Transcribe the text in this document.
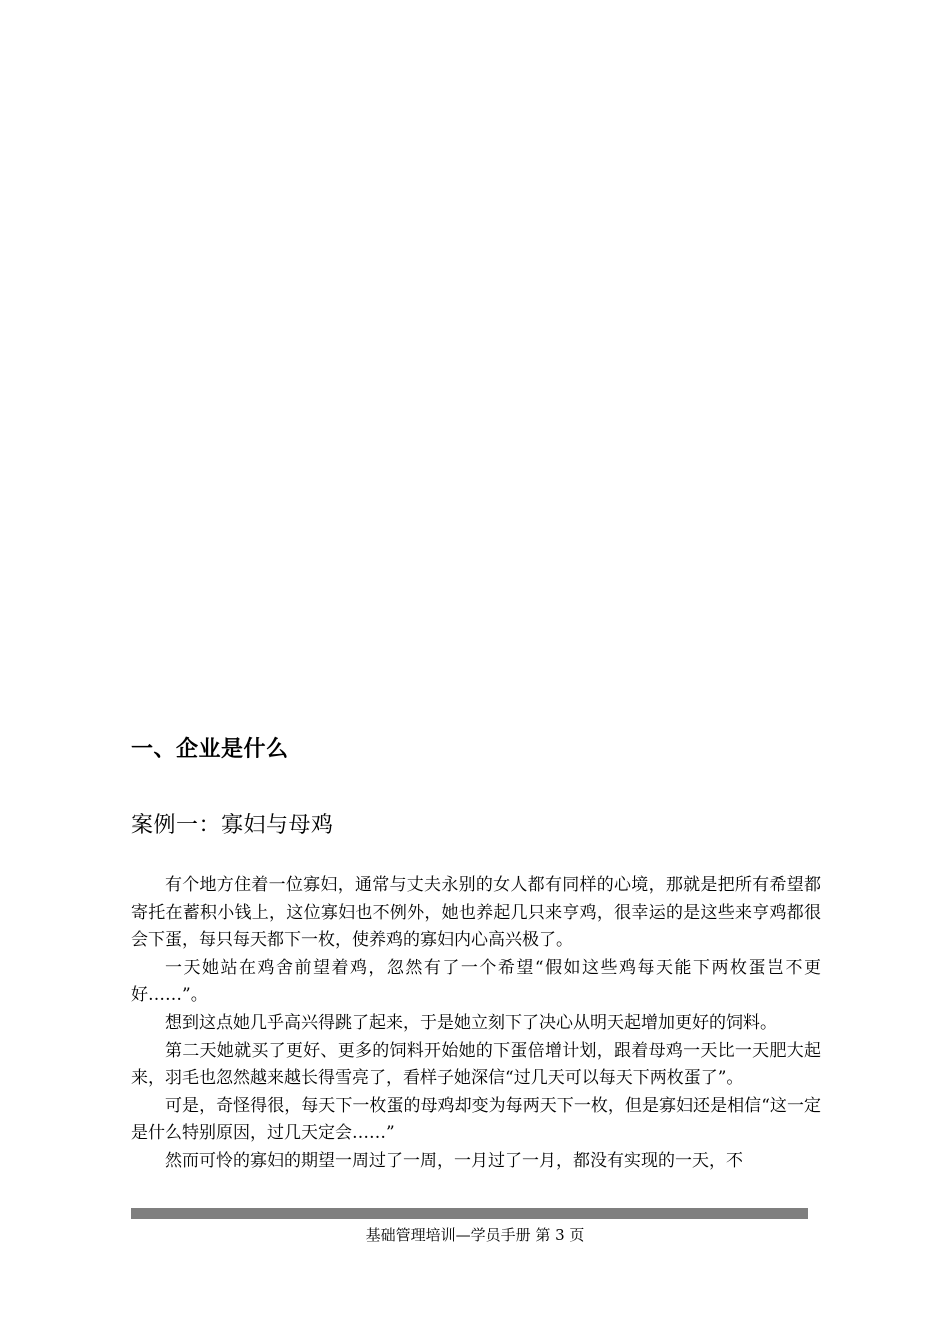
一、企业是什么
案例一：寡妇与母鸡

有个地方住着一位寡妇，通常与丈夫永别的女人都有同样的心境，那就是把所有希望都寄托在蓄积小钱上，这位寡妇也不例外，她也养起几只来亨鸡，很幸运的是这些来亨鸡都很会下蛋，每只每天都下一枚，使养鸡的寡妇内心高兴极了。

一天她站在鸡舍前望着鸡，忽然有了一个希望“假如这些鸡每天能下两枚蛋岂不更好……”。

想到这点她几乎高兴得跳了起来，于是她立刻下了决心从明天起增加更好的饲料。

第二天她就买了更好、更多的饲料开始她的下蛋倍增计划，跟着母鸡一天比一天肥大起来，羽毛也忽然越来越长得雪亮了，看样子她深信“过几天可以每天下两枚蛋了”。

可是，奇怪得很，每天下一枚蛋的母鸡却变为每两天下一枚，但是寡妇还是相信“这一定是什么特别原因，过几天定会……”

然而可怜的寡妇的期望一周过了一周，一月过了一月，都没有实现的一天，不

基础管理培训—学员手册 第 3 页
